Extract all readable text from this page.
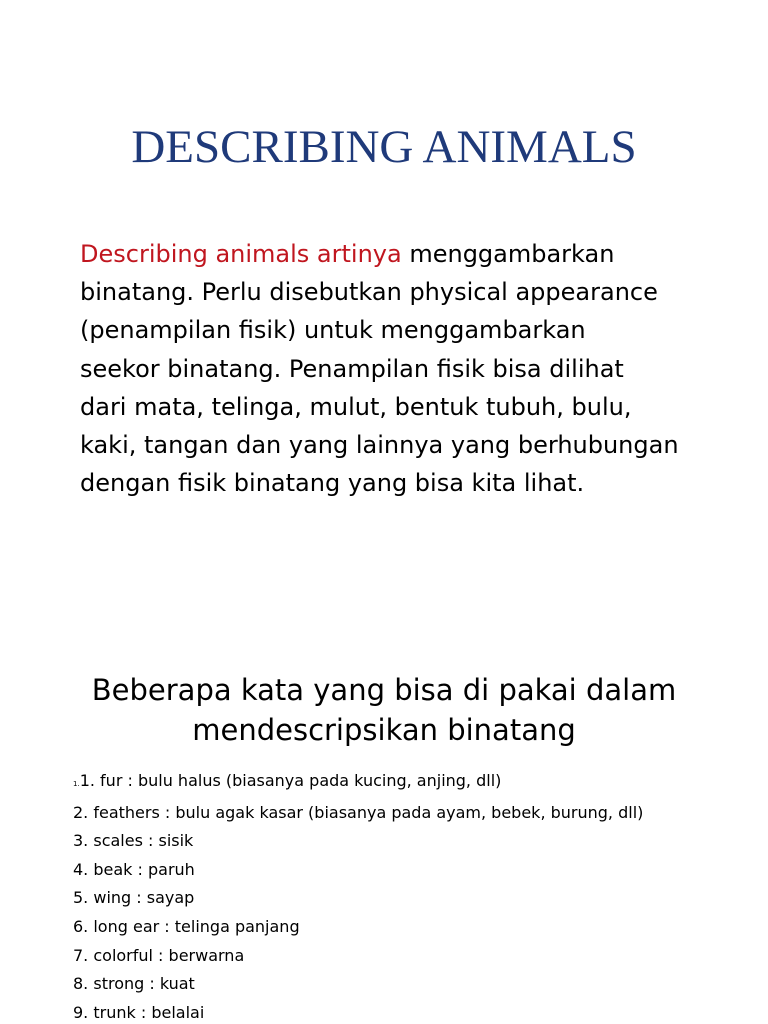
DESCRIBING ANIMALS

Describing animals artinya menggambarkan
binatang. Perlu disebutkan physical appearance
(penampilan fisik) untuk menggambarkan
seekor binatang. Penampilan fisik bisa dilihat
dari mata, telinga, mulut, bentuk tubuh, bulu,
kaki, tangan dan yang lainnya yang berhubungan
dengan fisik binatang yang bisa kita lihat.

Beberapa kata yang bisa di pakai dalam
mendescripsikan binatang
1.1. fur : bulu halus (biasanya pada kucing, anjing, dll)
2. feathers : bulu agak kasar (biasanya pada ayam, bebek, burung, dll)
3. scales : sisik
4. beak : paruh
5. wing : sayap
6. long ear : telinga panjang
7. colorful : berwarna
8. strong : kuat
9. trunk : belalai
